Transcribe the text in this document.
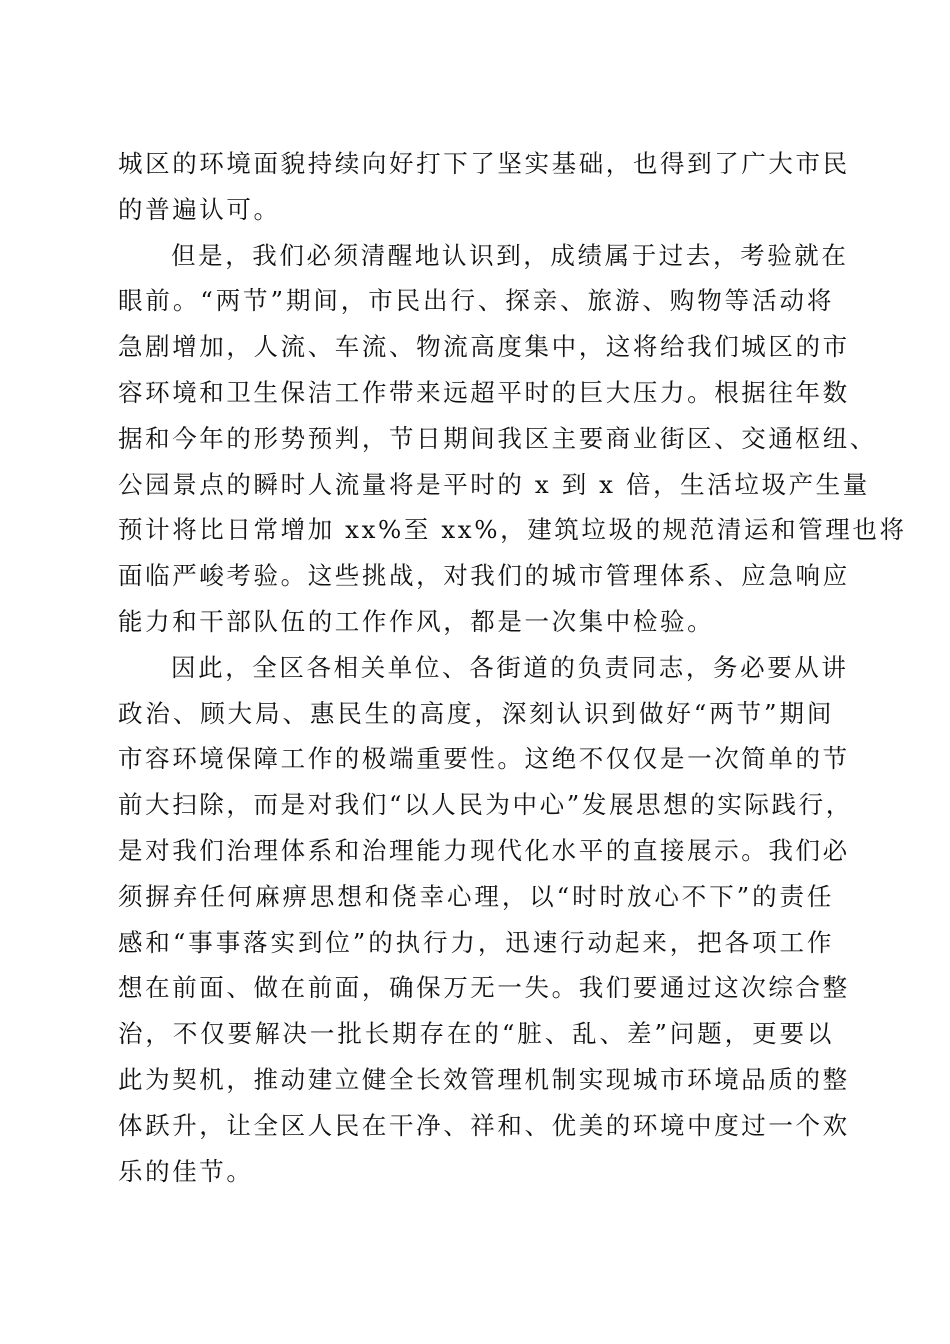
城区的环境面貌持续向好打下了坚实基础，也得到了广大市民
的普遍认可。
但是，我们必须清醒地认识到，成绩属于过去，考验就在
眼前。“两节”期间，市民出行、探亲、旅游、购物等活动将
急剧增加，人流、车流、物流高度集中，这将给我们城区的市
容环境和卫生保洁工作带来远超平时的巨大压力。根据往年数
据和今年的形势预判，节日期间我区主要商业街区、交通枢纽、
公园景点的瞬时人流量将是平时的 x 到 x 倍，生活垃圾产生量
预计将比日常增加 xx%至 xx%，建筑垃圾的规范清运和管理也将
面临严峻考验。这些挑战，对我们的城市管理体系、应急响应
能力和干部队伍的工作作风，都是一次集中检验。
因此，全区各相关单位、各街道的负责同志，务必要从讲
政治、顾大局、惠民生的高度，深刻认识到做好“两节”期间
市容环境保障工作的极端重要性。这绝不仅仅是一次简单的节
前大扫除，而是对我们“以人民为中心”发展思想的实际践行，
是对我们治理体系和治理能力现代化水平的直接展示。我们必
须摒弃任何麻痹思想和侥幸心理，以“时时放心不下”的责任
感和“事事落实到位”的执行力，迅速行动起来，把各项工作
想在前面、做在前面，确保万无一失。我们要通过这次综合整
治，不仅要解决一批长期存在的“脏、乱、差”问题，更要以
此为契机，推动建立健全长效管理机制实现城市环境品质的整
体跃升，让全区人民在干净、祥和、优美的环境中度过一个欢
乐的佳节。
